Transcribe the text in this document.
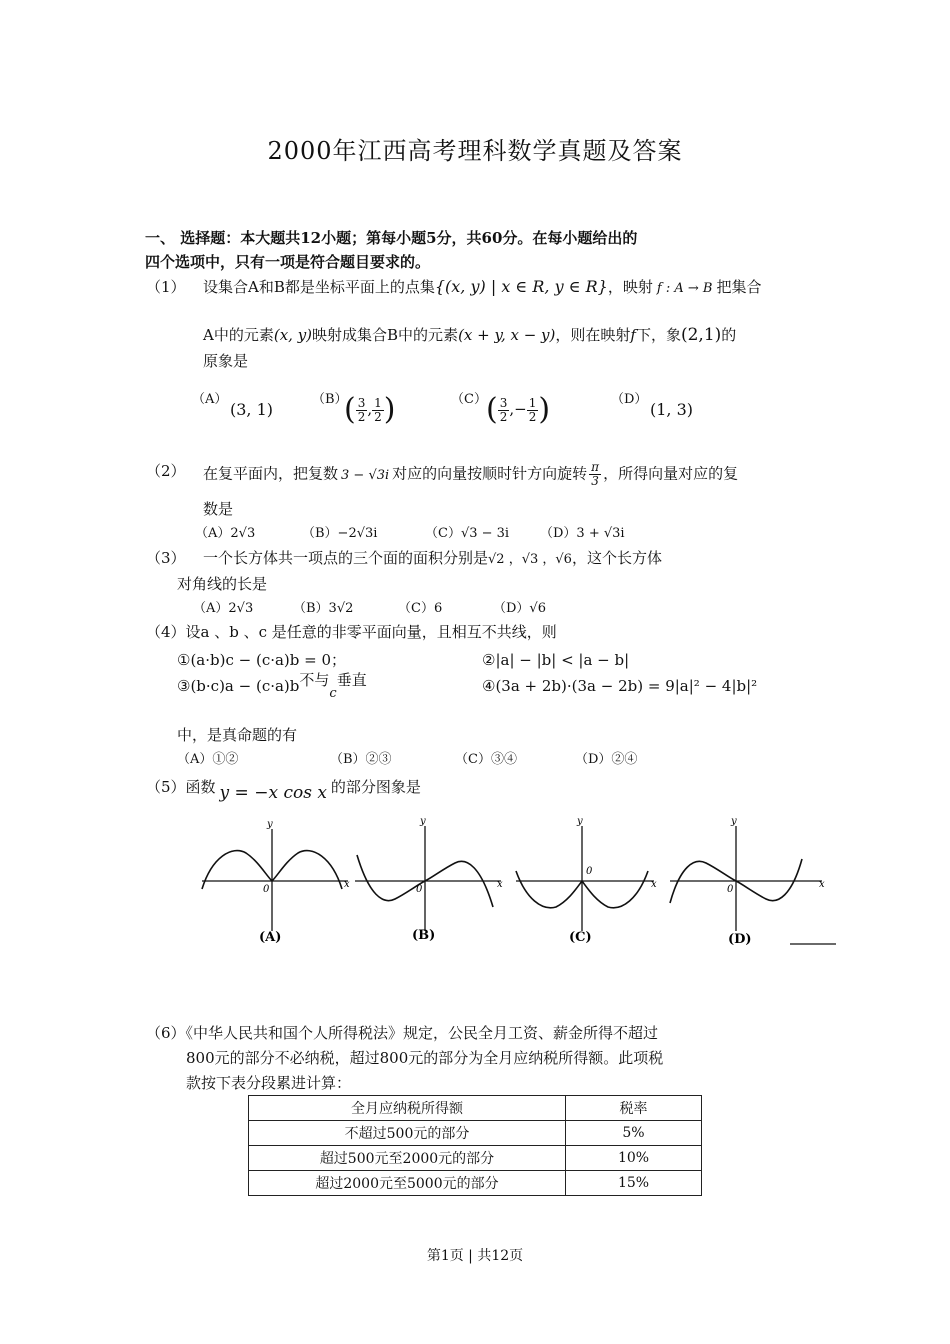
2000年江西高考理科数学真题及答案
一、 选择题：本大题共12小题；第每小题5分，共60分。在每小题给出的
四个选项中，只有一项是符合题目要求的。
（1） 设集合A和B都是坐标平面上的点集{(x, y) | x ∈ R, y ∈ R}，映射 f : A → B 把集合
A中的元素(x, y)映射成集合B中的元素(x + y, x − y)，则在映射f下，象(2,1)的
原象是
（A）
(3, 1)
（B）
( $\frac{3}{2}$ , $\frac{1}{2}$ )	（C） ( $\frac{3}{2}$ ,− $\frac{1}{2}$ )	（D）
(1, 3)
（2） 在复平面内，把复数 3 − √3i 对应的向量按顺时针方向旋转 $\frac{\pi}{3}$ ，所得向量对应的复
数是
（A）2√3	（B）−2√3i	（C）√3 − 3i （D）3 + √3i
（3） 一个长方体共一项点的三个面的面积分别是√2 ，√3 ，√6，这个长方体
对角线的长是
（A）2√3	（B）3√2	（C）6	（D）√6
（4）设a 、b 、c 是任意的非零平面向量，且相互不共线，则
①(a·b)c − (c·a)b = 0；	②|a| − |b| < |a − b|
③(b·c)a − (c·a)b不与c垂直	④(3a + 2b)·(3a − 2b) = 9|a|² − 4|b|²
中，是真命题的有
（A）①②	（B）②③	（C）③④	（D）②④
（5）函数 y = −x cos x 的部分图象是
y
x
0
(A)
y
x
0
(B)
y
x
0
(C)
y
x
0
(D)
（6）《中华人民共和国个人所得税法》规定，公民全月工资、薪金所得不超过
800元的部分不必纳税，超过800元的部分为全月应纳税所得额。此项税
款按下表分段累进计算：
全月应纳税所得额	税率
不超过500元的部分	5%
超过500元至2000元的部分	10%
超过2000元至5000元的部分	15%
第1页 | 共12页
